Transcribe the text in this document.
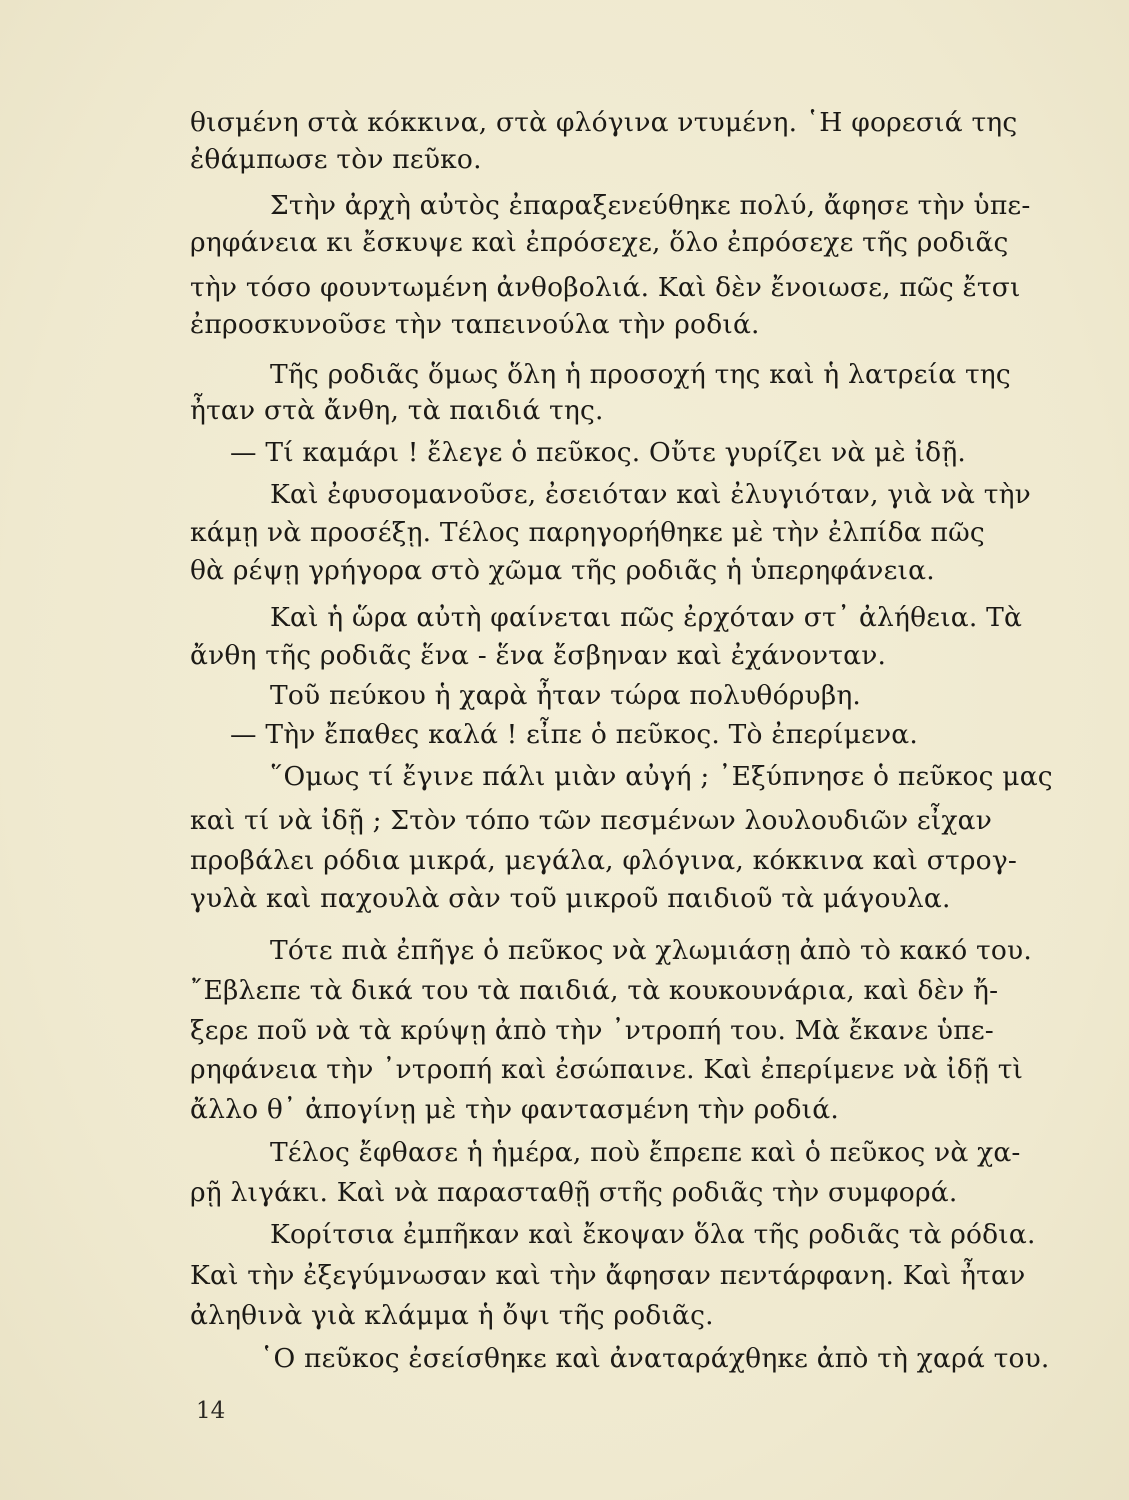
θισμένη στὰ κόκκινα, στὰ φλόγινα ντυμένη. ῾Η φορεσιά της
ἐθάμπωσε τὸν πεῦκο.
Στὴν ἀρχὴ αὐτὸς ἐπαραξενεύθηκε πολύ, ἄφησε τὴν ὑπε-
ρηφάνεια κι ἔσκυψε καὶ ἐπρόσεχε, ὅλο ἐπρόσεχε τῆς ροδιᾶς
τὴν τόσο φουντωμένη ἀνθοβολιά. Καὶ δὲν ἔνοιωσε, πῶς ἔτσι
ἐπροσκυνοῦσε τὴν ταπεινούλα τὴν ροδιά.
Τῆς ροδιᾶς ὅμως ὅλη ἡ προσοχή της καὶ ἡ λατρεία της
ἦταν στὰ ἄνθη, τὰ παιδιά της.
— Τί καμάρι ! ἔλεγε ὁ πεῦκος. Οὔτε γυρίζει νὰ μὲ ἰδῇ.
Καὶ ἐφυσομανοῦσε, ἐσειόταν καὶ ἐλυγιόταν, γιὰ νὰ τὴν
κάμῃ νὰ προσέξῃ. Τέλος παρηγορήθηκε μὲ τὴν ἐλπίδα πῶς
θὰ ρέψῃ γρήγορα στὸ χῶμα τῆς ροδιᾶς ἡ ὑπερηφάνεια.
Καὶ ἡ ὥρα αὐτὴ φαίνεται πῶς ἐρχόταν στ᾿ ἀλήθεια. Τὰ
ἄνθη τῆς ροδιᾶς ἕνα - ἕνα ἔσβηναν καὶ ἐχάνονταν.
Τοῦ πεύκου ἡ χαρὰ ἦταν τώρα πολυθόρυβη.
— Τὴν ἔπαθες καλά ! εἶπε ὁ πεῦκος. Τὸ ἐπερίμενα.
῞Ομως τί ἔγινε πάλι μιὰν αὐγή ; ᾿Εξύπνησε ὁ πεῦκος μας
καὶ τί νὰ ἰδῇ ; Στὸν τόπο τῶν πεσμένων λουλουδιῶν εἶχαν
προβάλει ρόδια μικρά, μεγάλα, φλόγινα, κόκκινα καὶ στρογ-
γυλὰ καὶ παχουλὰ σὰν τοῦ μικροῦ παιδιοῦ τὰ μάγουλα.
Τότε πιὰ ἐπῆγε ὁ πεῦκος νὰ χλωμιάσῃ ἀπὸ τὸ κακό του.
῎Εβλεπε τὰ δικά του τὰ παιδιά, τὰ κουκουνάρια, καὶ δὲν ἤ-
ξερε ποῦ νὰ τὰ κρύψῃ ἀπὸ τὴν ᾿ντροπή του. Μὰ ἔκανε ὑπε-
ρηφάνεια τὴν ᾿ντροπή καὶ ἐσώπαινε. Καὶ ἐπερίμενε νὰ ἰδῇ τὶ
ἄλλο θ᾿ ἀπογίνῃ μὲ τὴν φαντασμένη τὴν ροδιά.
Τέλος ἔφθασε ἡ ἡμέρα, ποὺ ἔπρεπε καὶ ὁ πεῦκος νὰ χα-
ρῇ λιγάκι. Καὶ νὰ παρασταθῇ στῆς ροδιᾶς τὴν συμφορά.
Κορίτσια ἐμπῆκαν καὶ ἔκοψαν ὅλα τῆς ροδιᾶς τὰ ρόδια.
Καὶ τὴν ἐξεγύμνωσαν καὶ τὴν ἄφησαν πεντάρφανη. Καὶ ἦταν
ἀληθινὰ γιὰ κλάμμα ἡ ὄψι τῆς ροδιᾶς.
῾Ο πεῦκος ἐσείσθηκε καὶ ἀναταράχθηκε ἀπὸ τὴ χαρά του.
14
